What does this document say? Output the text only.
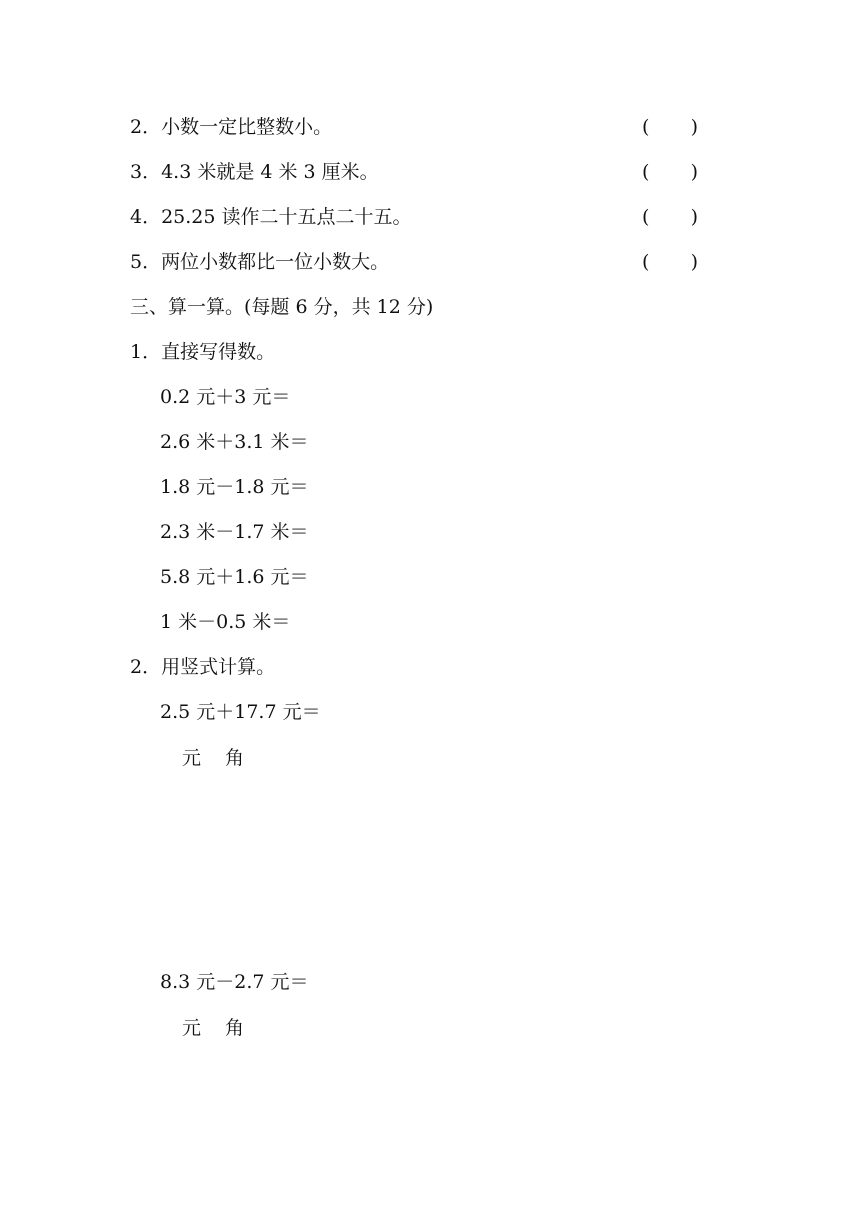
2．小数一定比整数小。	( )
3．4.3 米就是 4 米 3 厘米。	( )
4．25.25 读作二十五点二十五。	( )
5．两位小数都比一位小数大。	( )
三、算一算。(每题 6 分，共 12 分)
1．直接写得数。
0.2 元＋3 元＝
2.6 米＋3.1 米＝
1.8 元－1.8 元＝
2.3 米－1.7 米＝
5.8 元＋1.6 元＝
1 米－0.5 米＝
2．用竖式计算。
2.5 元＋17.7 元＝
元 角
8.3 元－2.7 元＝
元 角
